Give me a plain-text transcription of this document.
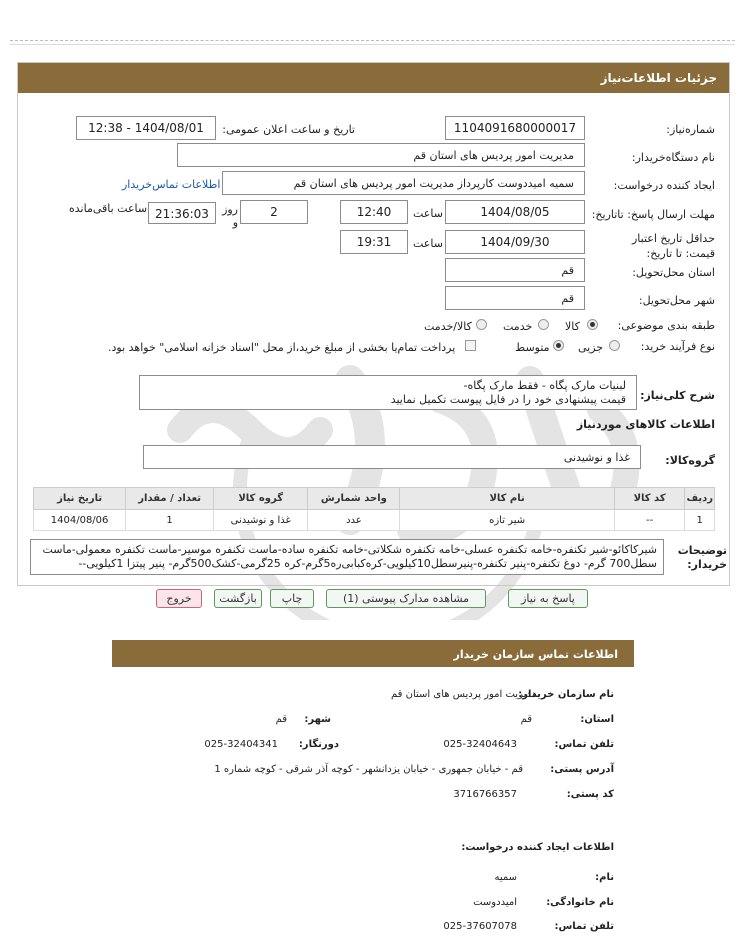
جزئیات اطلاعات‌نیاز
شماره‌نیاز:
1104091680000017
تاریخ و ساعت اعلان عمومی:
1404/08/01 - 12:38
نام دستگاه‌خریدار:
مدیریت امور پردیس های استان قم
ایجاد کننده درخواست:
سمیه امیددوست کارپرداز مدیریت امور پردیس های استان قم
اطلاعات تماس‌خریدار
مهلت ارسال پاسخ: تاتاریخ:
1404/08/05
ساعت
12:40
2
روز و
21:36:03
ساعت باقی‌مانده
حداقل تاریخ اعتبار قیمت: تا تاریخ:
1404/09/30
ساعت
19:31
استان محل‌تحویل:
قم
شهر محل‌تحویل:
قم
طبقه بندی موضوعی:
کالا
خدمت
کالا/خدمت
نوع فرآیند خرید:
جزیی
متوسط
پرداخت تمام‌یا بخشی از مبلغ خرید،از محل "اسناد خزانه اسلامی" خواهد بود.
شرح کلی‌نیاز:
لبنیات مارک پگاه - فقط مارک پگاه-
قیمت پیشنهادی خود را در فایل پیوست تکمیل نمایید
اطلاعات کالاهای موردنیاز
گروه‌کالا:
غذا و نوشیدنی
ردیف	کد کالا	نام کالا	واحد شمارش	گروه کالا	تعداد / مقدار	تاریخ نیاز
1	--	شیر تازه	عدد	غذا و نوشیدنی	1	1404/08/06
توضیحات خریدار:
شیرکاکائو-شیر تکنفره-خامه تکنفره عسلی-خامه تکنفره شکلاتی-خامه تکنفره ساده-ماست تکنفره موسیر-ماست تکنفره معمولی-ماست
سطل700 گرم- دوغ تکنفره-پنیر تکنفره-پنیرسطل10کیلویی-کره‌کبابی‌ره5گرم-کره 25گرمی-کشک500گرم- پنیر پیتزا 1کیلویی--
پاسخ به نیاز
مشاهده مدارک پیوستی (1)
چاپ
بازگشت
خروج
اطلاعات تماس سازمان خریدار
نام سازمان خریدار:
مدیریت امور پردیس های استان قم
استان:
قم
شهر:
قم
تلفن تماس:
025-32404643
دورنگار:
025-32404341
آدرس پستی:
قم - خیابان جمهوری - خیابان یزدانشهر - کوچه آذر شرقی - کوچه شماره 1
کد پستی:
3716766357
اطلاعات ایجاد کننده درخواست:
نام:
سمیه
نام خانوادگی:
امیددوست
تلفن تماس:
025-37607078
